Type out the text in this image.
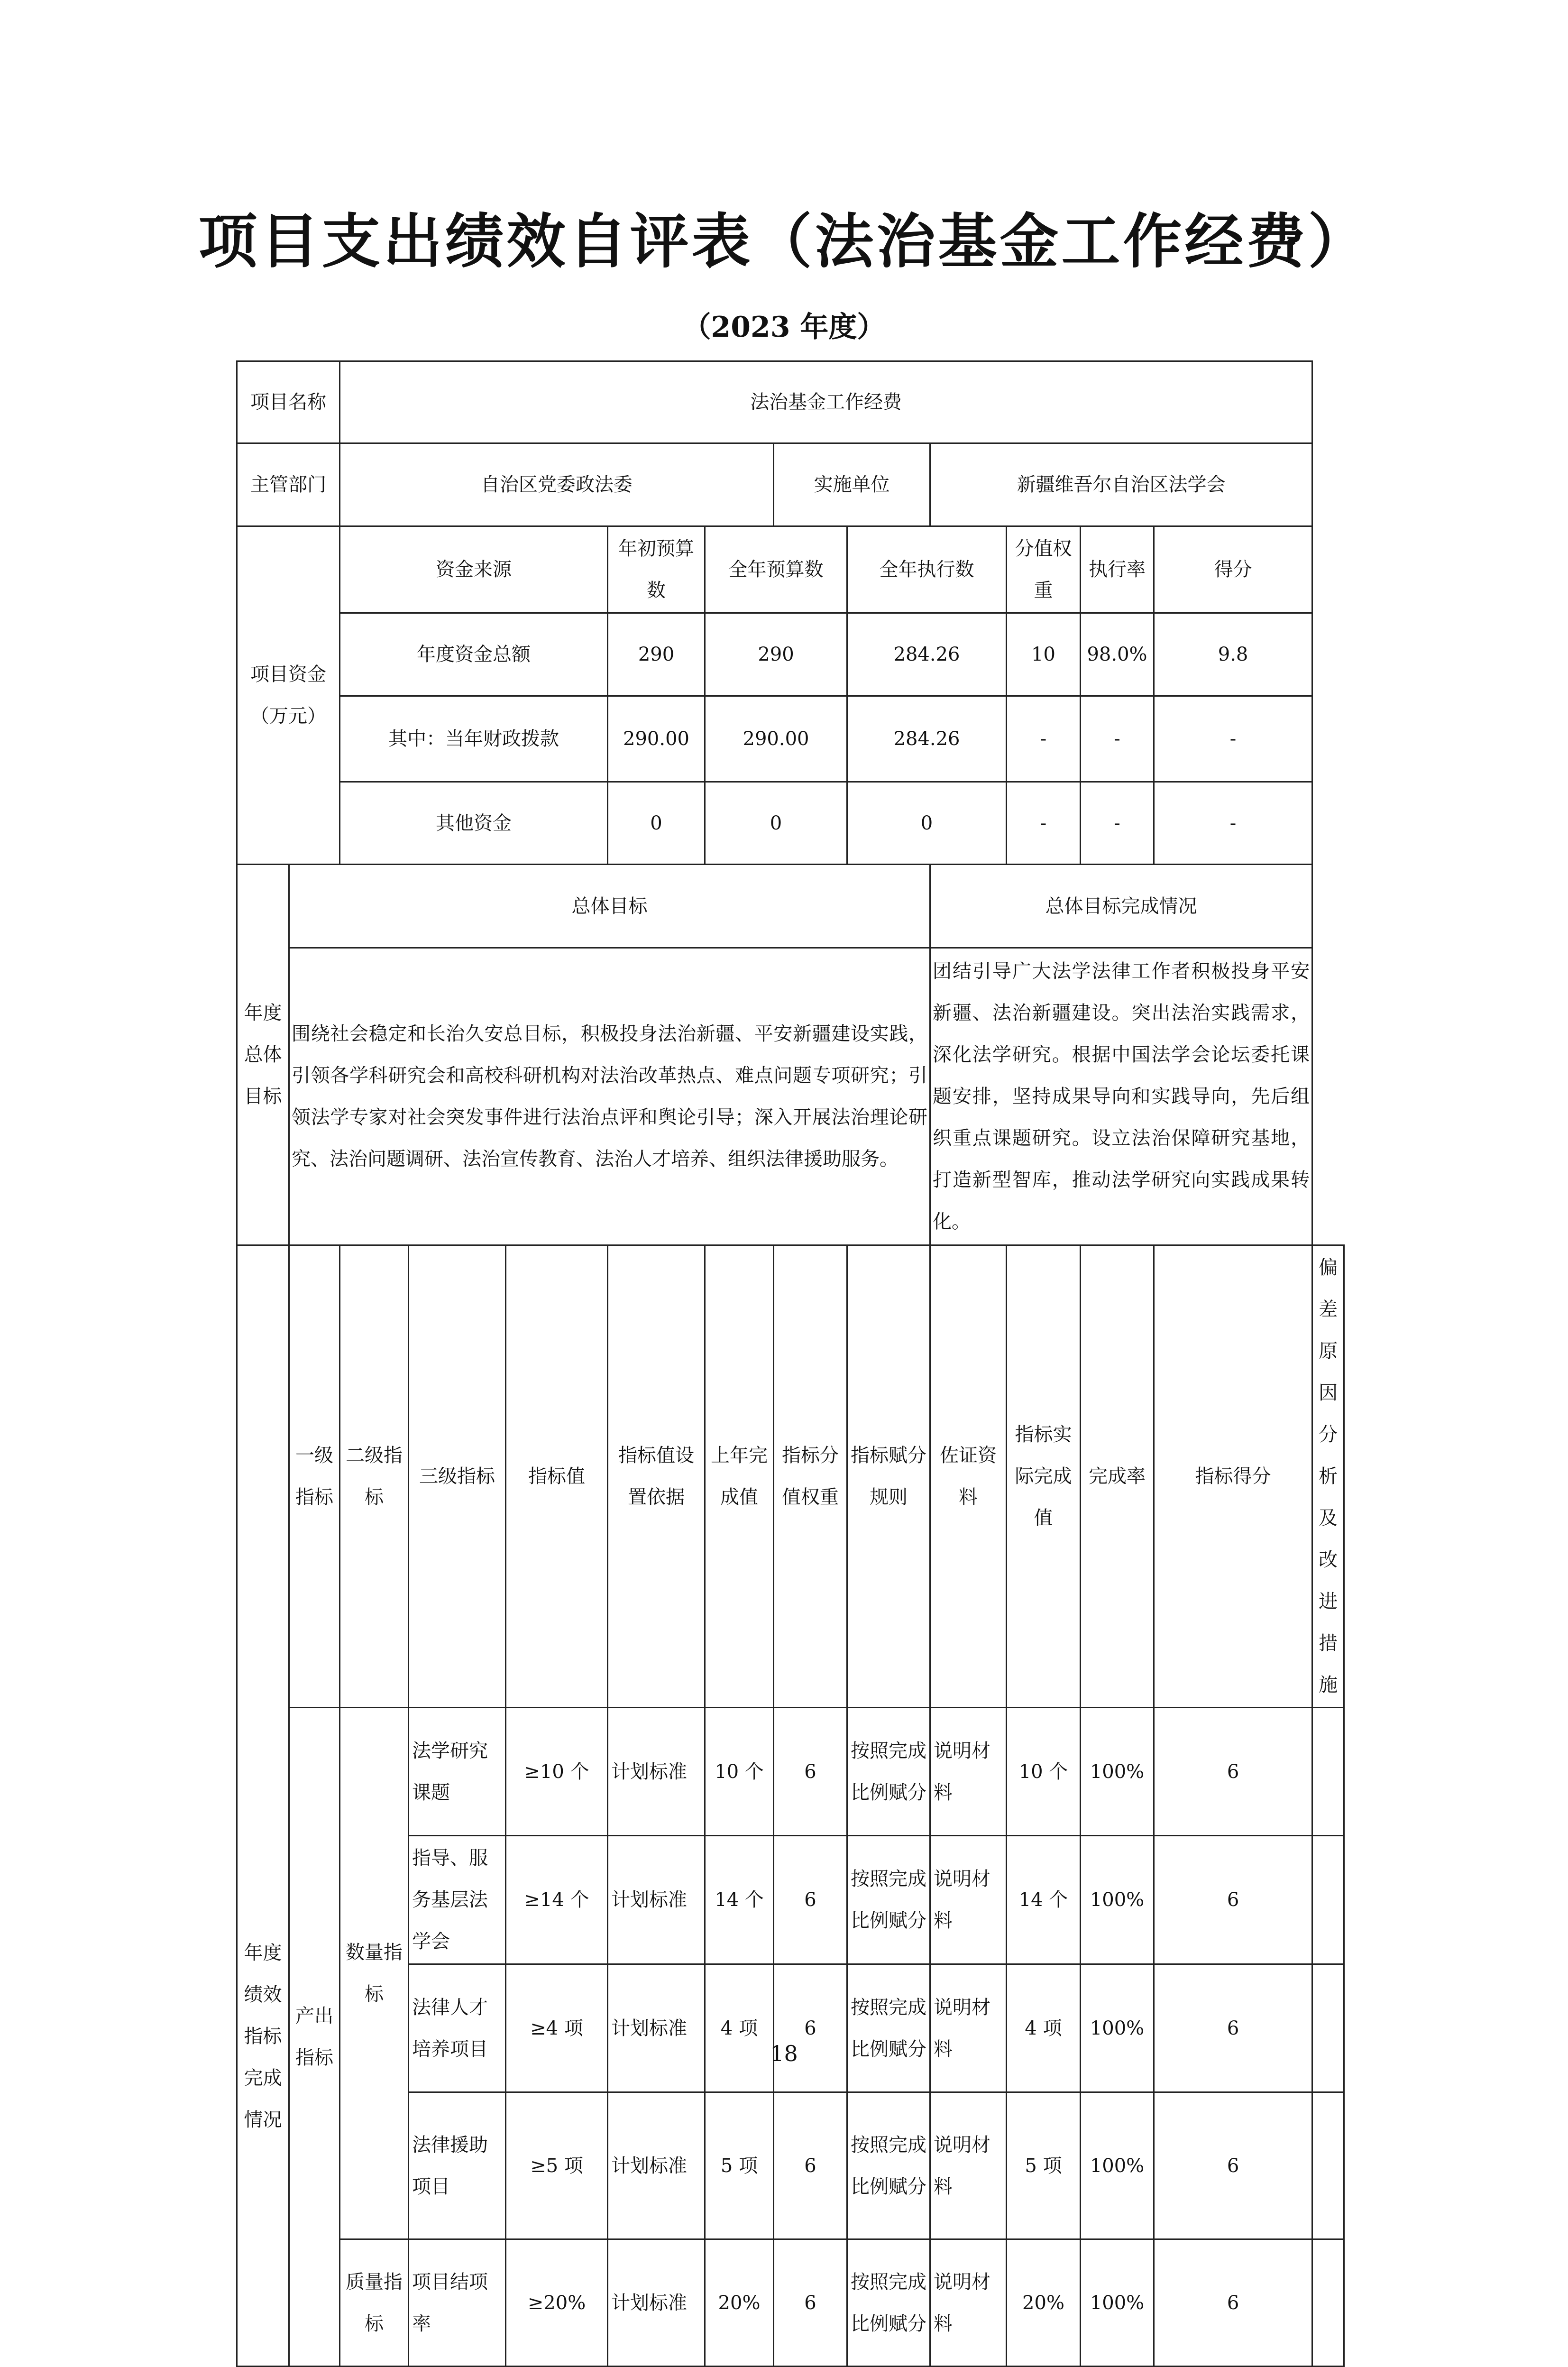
项目支出绩效自评表（法治基金工作经费）
（2023 年度）
项目名称		法治基金工作经费											
主管部门		自治区党委政法委					实施单位		新疆维吾尔自治区法学会				
项目资金（万元）		资金来源			年初预算数	全年预算数		全年执行数		分值权重	执行率	得分	
		年度资金总额			290	290		284.26		10	98.0%	9.8	
		其中：当年财政拨款			290.00	290.00		284.26		-	-	-	
		其他资金			0	0		0		-	-	-	
年度总体目标	总体目标								总体目标完成情况				
	围绕社会稳定和长治久安总目标，积极投身法治新疆、平安新疆建设实践，引领各学科研究会和高校科研机构对法治改革热点、难点问题专项研究；引领法学专家对社会突发事件进行法治点评和舆论引导；深入开展法治理论研究、法治问题调研、法治宣传教育、法治人才培养、组织法律援助服务。								团结引导广大法学法律工作者积极投身平安新疆、法治新疆建设。突出法治实践需求，深化法学研究。根据中国法学会论坛委托课题安排，坚持成果导向和实践导向，先后组织重点课题研究。设立法治保障研究基地，打造新型智库，推动法学研究向实践成果转化。				
	一级指标	二级指标	三级指标	指标值	指标值设置依据	上年完成值	指标分值权重	指标赋分规则	佐证资料	指标实际完成值	完成率	指标得分	偏差原因分析及改进措施
年度绩效指标完成情况	产出指标	数量指标	法学研究课题	≥10 个	计划标准	10 个	6	按照完成比例赋分	说明材料	10 个	100%	6	
			指导、服务基层法学会	≥14 个	计划标准	14 个	6	按照完成比例赋分	说明材料	14 个	100%	6	
			法律人才培养项目	≥4 项	计划标准	4 项	6	按照完成比例赋分	说明材料	4 项	100%	6	
			法律援助项目	≥5 项	计划标准	5 项	6	按照完成比例赋分	说明材料	5 项	100%	6	
		质量指标	项目结项率	≥20%	计划标准	20%	6	按照完成比例赋分	说明材料	20%	100%	6	
18
